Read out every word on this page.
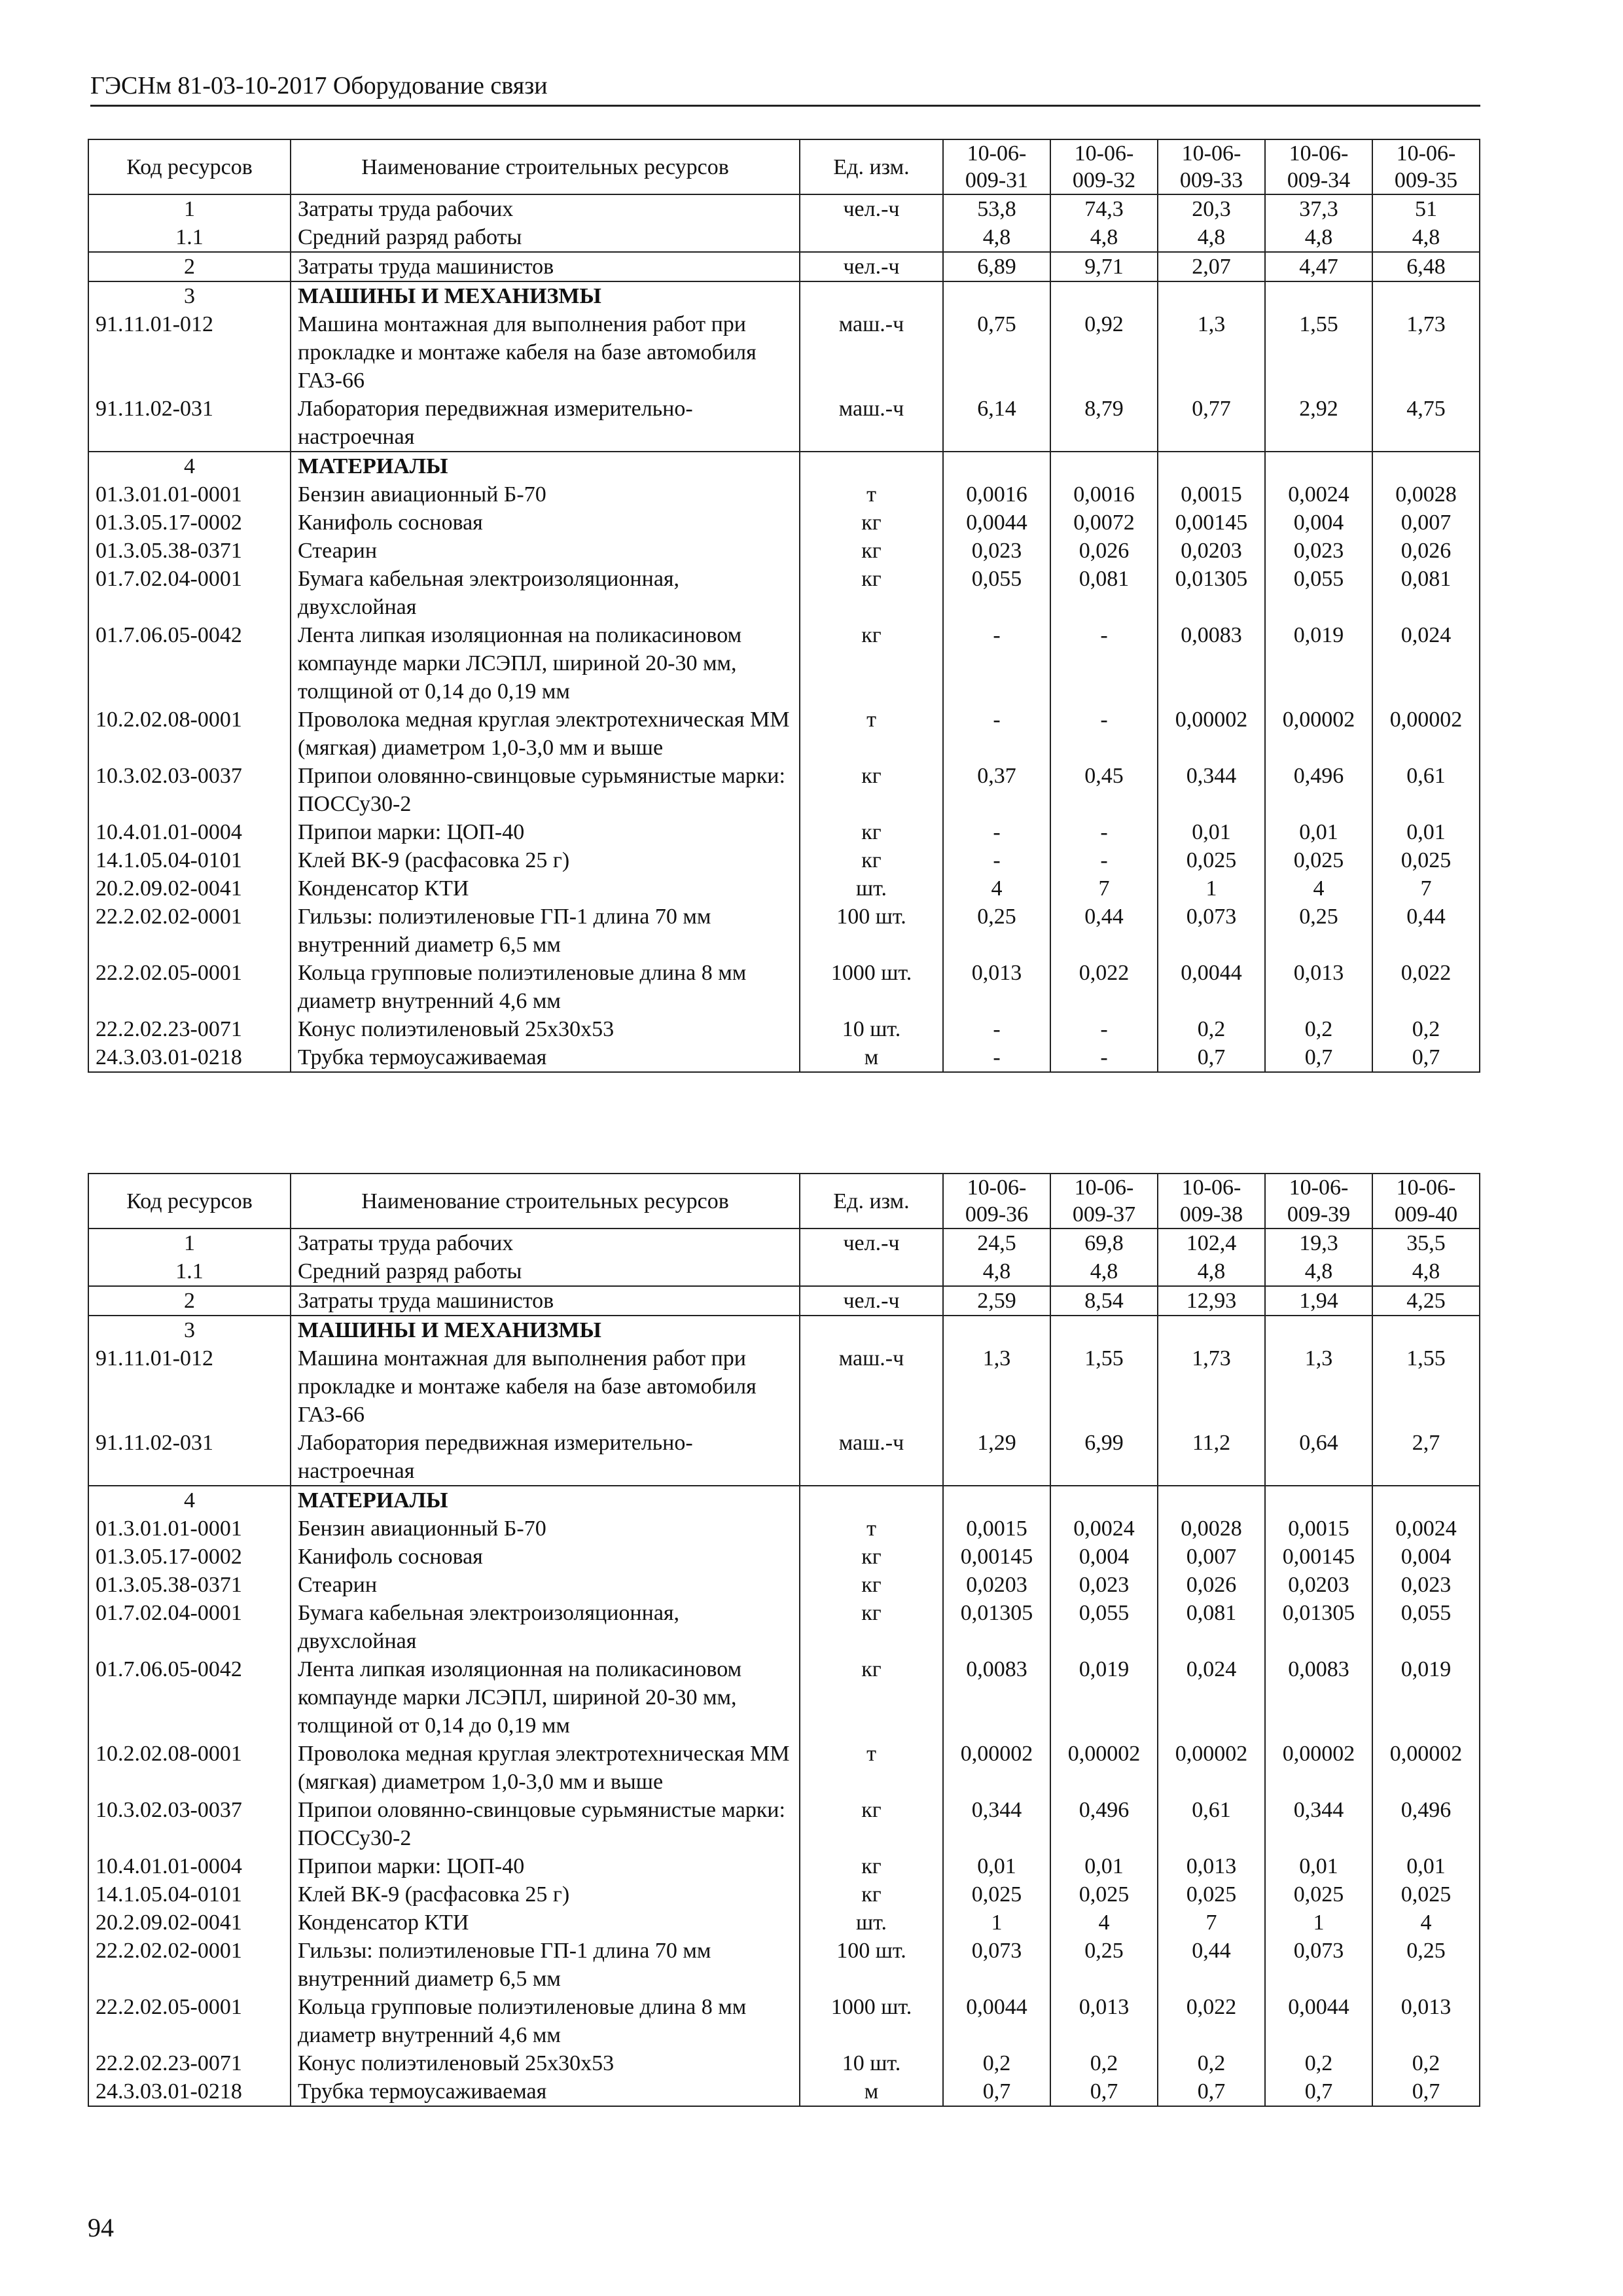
ГЭСНм 81-03-10-2017 Оборудование связи
Код ресурсов	Наименование строительных ресурсов	Ед. изм.	10-06-009-31	10-06-009-32	10-06-009-33	10-06-009-34	10-06-009-35
1	Затраты труда рабочих	чел.-ч	53,8	74,3	20,3	37,3	51
1.1	Средний разряд работы		4,8	4,8	4,8	4,8	4,8
2	Затраты труда машинистов	чел.-ч	6,89	9,71	2,07	4,47	6,48
3	МАШИНЫ И МЕХАНИЗМЫ						
91.11.01-012	Машина монтажная для выполнения работ при прокладке и монтаже кабеля на базе автомобиля ГАЗ-66	маш.-ч	0,75	0,92	1,3	1,55	1,73
91.11.02-031	Лаборатория передвижная измерительно-настроечная	маш.-ч	6,14	8,79	0,77	2,92	4,75
4	МАТЕРИАЛЫ						
01.3.01.01-0001	Бензин авиационный Б-70	т	0,0016	0,0016	0,0015	0,0024	0,0028
01.3.05.17-0002	Канифоль сосновая	кг	0,0044	0,0072	0,00145	0,004	0,007
01.3.05.38-0371	Стеарин	кг	0,023	0,026	0,0203	0,023	0,026
01.7.02.04-0001	Бумага кабельная электроизоляционная, двухслойная	кг	0,055	0,081	0,01305	0,055	0,081
01.7.06.05-0042	Лента липкая изоляционная на поликасиновом компаунде марки ЛСЭПЛ, шириной 20-30 мм, толщиной от 0,14 до 0,19 мм	кг	-	-	0,0083	0,019	0,024
10.2.02.08-0001	Проволока медная круглая электротехническая ММ (мягкая) диаметром 1,0-3,0 мм и выше	т	-	-	0,00002	0,00002	0,00002
10.3.02.03-0037	Припои оловянно-свинцовые сурьмянистые марки: ПОССу30-2	кг	0,37	0,45	0,344	0,496	0,61
10.4.01.01-0004	Припои марки: ЦОП-40	кг	-	-	0,01	0,01	0,01
14.1.05.04-0101	Клей ВК-9 (расфасовка 25 г)	кг	-	-	0,025	0,025	0,025
20.2.09.02-0041	Конденсатор КТИ	шт.	4	7	1	4	7
22.2.02.02-0001	Гильзы: полиэтиленовые ГП-1 длина 70 мм внутренний диаметр 6,5 мм	100 шт.	0,25	0,44	0,073	0,25	0,44
22.2.02.05-0001	Кольца групповые полиэтиленовые длина 8 мм диаметр внутренний 4,6 мм	1000 шт.	0,013	0,022	0,0044	0,013	0,022
22.2.02.23-0071	Конус полиэтиленовый 25х30х53	10 шт.	-	-	0,2	0,2	0,2
24.3.03.01-0218	Трубка термоусаживаемая	м	-	-	0,7	0,7	0,7
Код ресурсов	Наименование строительных ресурсов	Ед. изм.	10-06-009-36	10-06-009-37	10-06-009-38	10-06-009-39	10-06-009-40
1	Затраты труда рабочих	чел.-ч	24,5	69,8	102,4	19,3	35,5
1.1	Средний разряд работы		4,8	4,8	4,8	4,8	4,8
2	Затраты труда машинистов	чел.-ч	2,59	8,54	12,93	1,94	4,25
3	МАШИНЫ И МЕХАНИЗМЫ						
91.11.01-012	Машина монтажная для выполнения работ при прокладке и монтаже кабеля на базе автомобиля ГАЗ-66	маш.-ч	1,3	1,55	1,73	1,3	1,55
91.11.02-031	Лаборатория передвижная измерительно-настроечная	маш.-ч	1,29	6,99	11,2	0,64	2,7
4	МАТЕРИАЛЫ						
01.3.01.01-0001	Бензин авиационный Б-70	т	0,0015	0,0024	0,0028	0,0015	0,0024
01.3.05.17-0002	Канифоль сосновая	кг	0,00145	0,004	0,007	0,00145	0,004
01.3.05.38-0371	Стеарин	кг	0,0203	0,023	0,026	0,0203	0,023
01.7.02.04-0001	Бумага кабельная электроизоляционная, двухслойная	кг	0,01305	0,055	0,081	0,01305	0,055
01.7.06.05-0042	Лента липкая изоляционная на поликасиновом компаунде марки ЛСЭПЛ, шириной 20-30 мм, толщиной от 0,14 до 0,19 мм	кг	0,0083	0,019	0,024	0,0083	0,019
10.2.02.08-0001	Проволока медная круглая электротехническая ММ (мягкая) диаметром 1,0-3,0 мм и выше	т	0,00002	0,00002	0,00002	0,00002	0,00002
10.3.02.03-0037	Припои оловянно-свинцовые сурьмянистые марки: ПОССу30-2	кг	0,344	0,496	0,61	0,344	0,496
10.4.01.01-0004	Припои марки: ЦОП-40	кг	0,01	0,01	0,013	0,01	0,01
14.1.05.04-0101	Клей ВК-9 (расфасовка 25 г)	кг	0,025	0,025	0,025	0,025	0,025
20.2.09.02-0041	Конденсатор КТИ	шт.	1	4	7	1	4
22.2.02.02-0001	Гильзы: полиэтиленовые ГП-1 длина 70 мм внутренний диаметр 6,5 мм	100 шт.	0,073	0,25	0,44	0,073	0,25
22.2.02.05-0001	Кольца групповые полиэтиленовые длина 8 мм диаметр внутренний 4,6 мм	1000 шт.	0,0044	0,013	0,022	0,0044	0,013
22.2.02.23-0071	Конус полиэтиленовый 25х30х53	10 шт.	0,2	0,2	0,2	0,2	0,2
24.3.03.01-0218	Трубка термоусаживаемая	м	0,7	0,7	0,7	0,7	0,7
94
